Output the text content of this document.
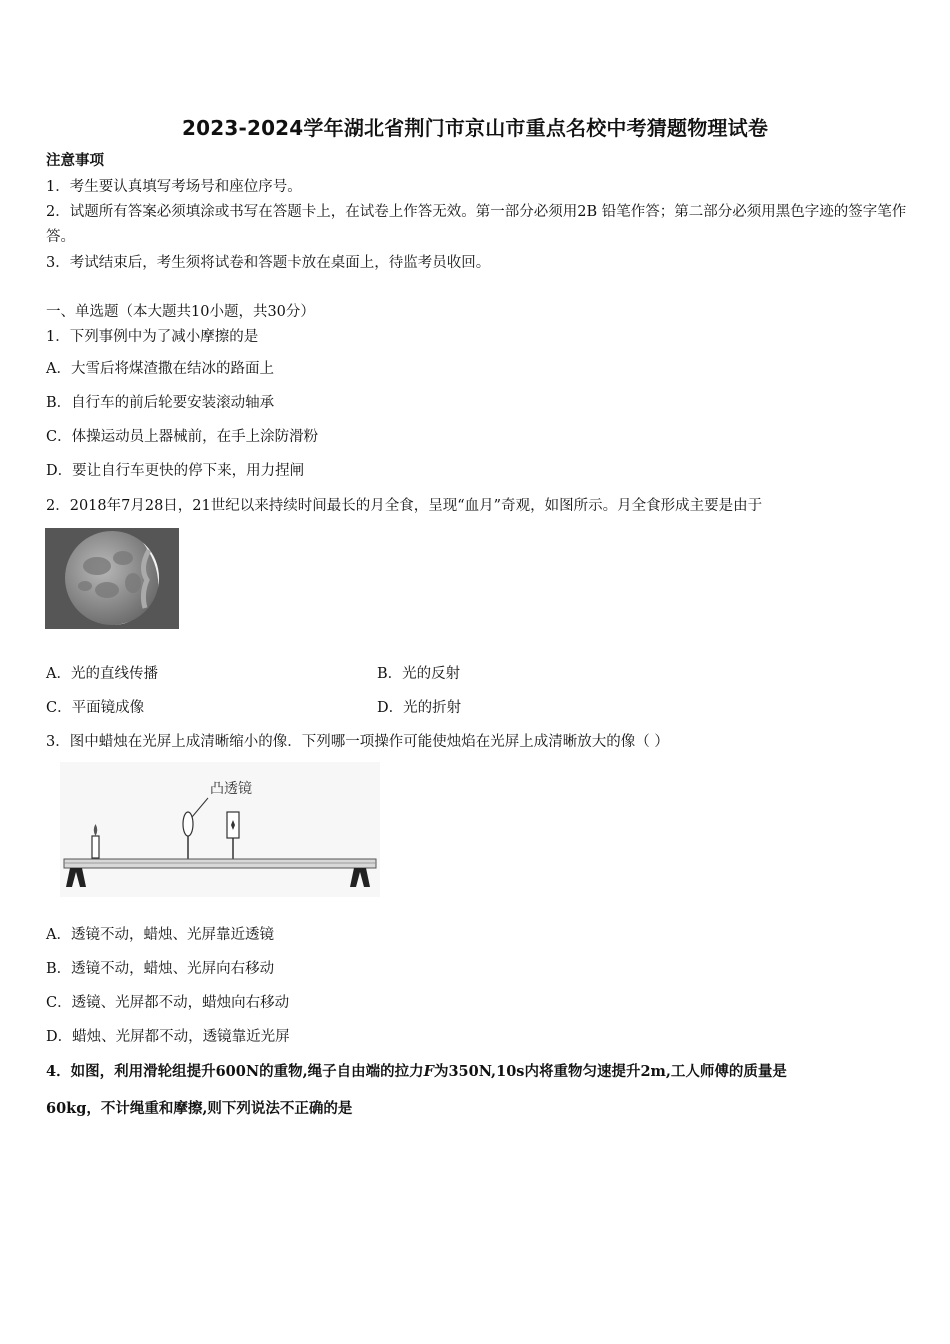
2023-2024学年湖北省荆门市京山市重点名校中考猜题物理试卷
注意事项
1．考生要认真填写考场号和座位序号。
2．试题所有答案必须填涂或书写在答题卡上，在试卷上作答无效。第一部分必须用2B 铅笔作答；第二部分必须用黑色字迹的签字笔作答。
3．考试结束后，考生须将试卷和答题卡放在桌面上，待监考员收回。
一、单选题（本大题共10小题，共30分）
1．下列事例中为了减小摩擦的是
A．大雪后将煤渣撒在结冰的路面上
B．自行车的前后轮要安装滚动轴承
C．体操运动员上器械前，在手上涂防滑粉
D．要让自行车更快的停下来，用力捏闸
2．2018年7月28日，21世纪以来持续时间最长的月全食，呈现“血月”奇观，如图所示。月全食形成主要是由于
A．光的直线传播	B．光的反射
C．平面镜成像	D．光的折射
3．图中蜡烛在光屏上成清晰缩小的像．下列哪一项操作可能使烛焰在光屏上成清晰放大的像（ ）
凸透镜
A．透镜不动，蜡烛、光屏靠近透镜
B．透镜不动，蜡烛、光屏向右移动
C．透镜、光屏都不动，蜡烛向右移动
D．蜡烛、光屏都不动，透镜靠近光屏
4．如图，利用滑轮组提升600N的重物,绳子自由端的拉力F为350N,10s内将重物匀速提升2m,工人师傅的质量是
60kg，不计绳重和摩擦,则下列说法不正确的是
